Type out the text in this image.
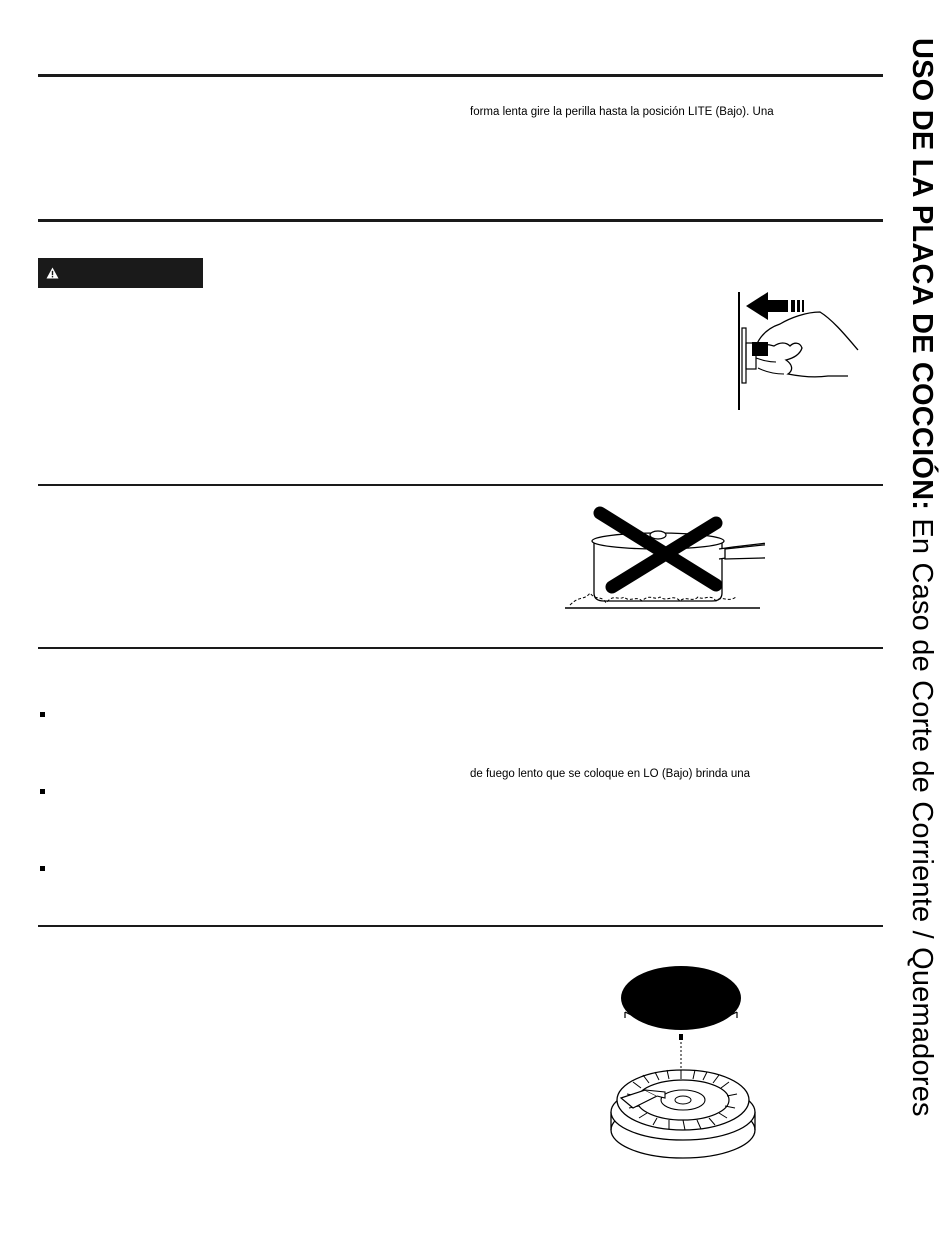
forma lenta gire la perilla hasta la posición LITE (Bajo). Una
de fuego lento que se coloque en LO (Bajo) brinda una
USO DE LA PLACA DE COCCIÓN: En Caso de Corte de Corriente / Quemadores
